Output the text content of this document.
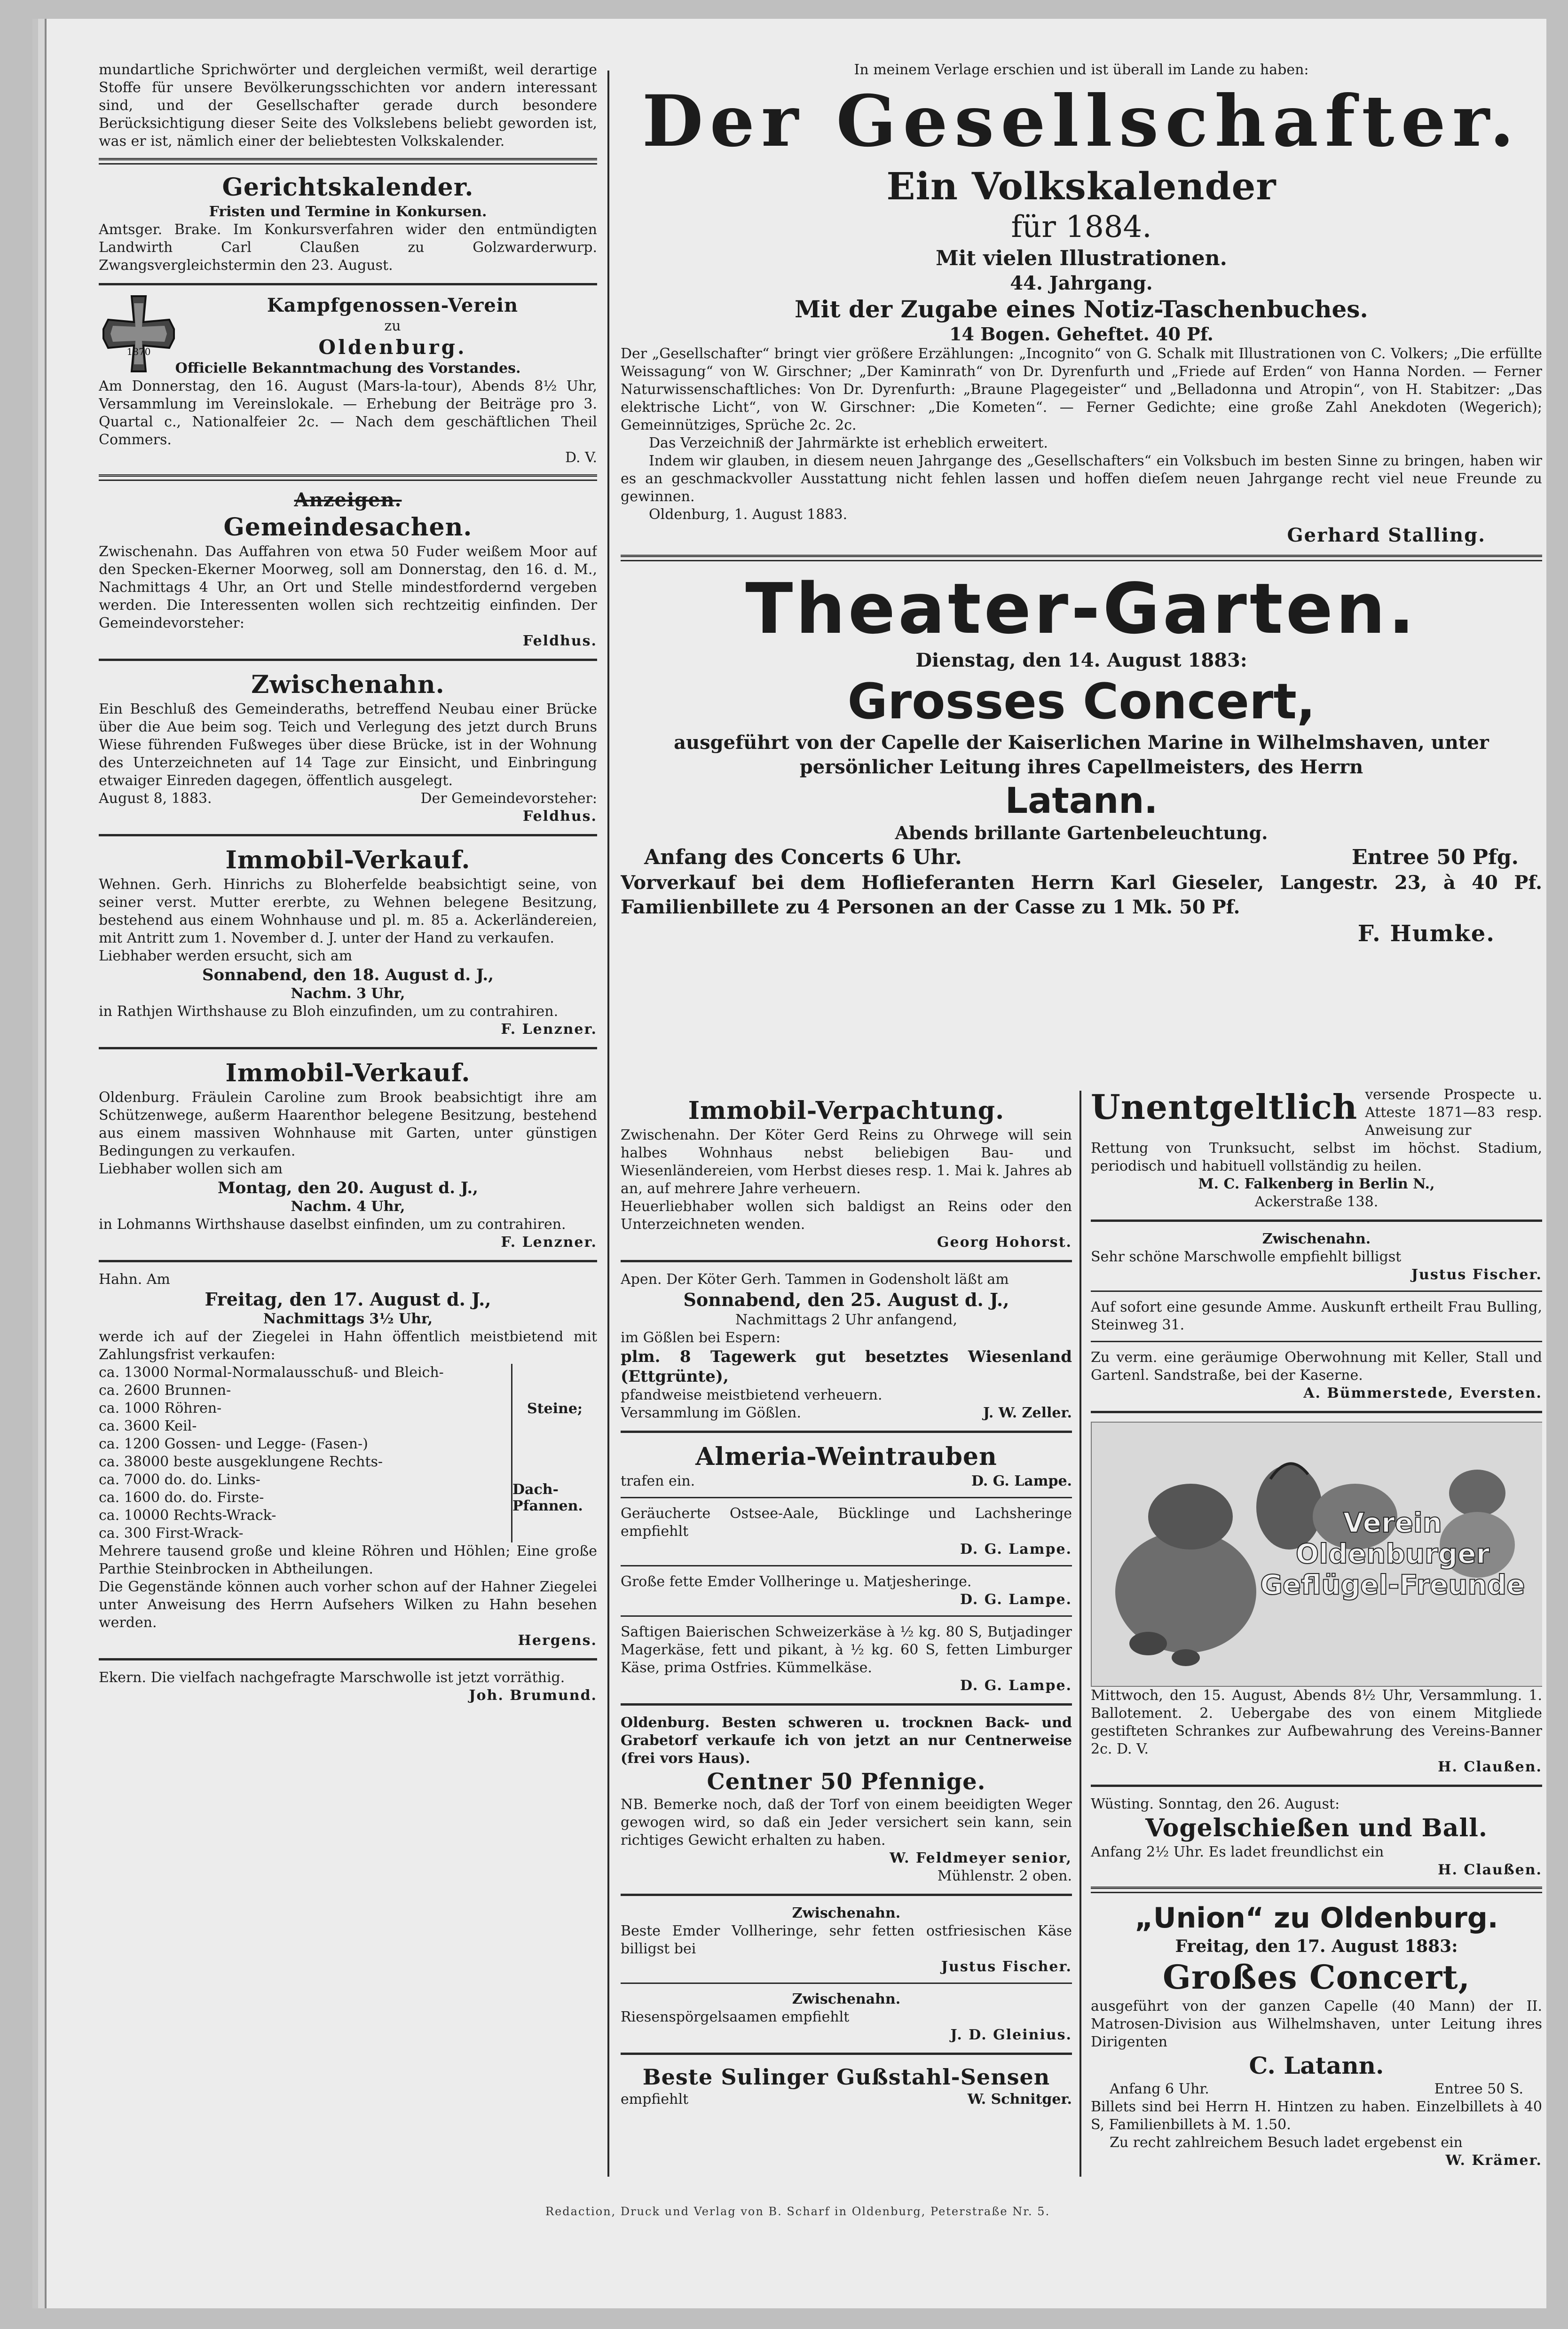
mundartliche Sprichwörter und dergleichen vermißt, weil derartige Stoffe für unsere Bevölkerungsschichten vor andern interessant sind, und der Gesellschafter gerade durch besondere Berücksichtigung dieser Seite des Volkslebens beliebt geworden ist, was er ist, nämlich einer der beliebtesten Volkskalender.

Gerichtskalender.

Fristen und Termine in Konkursen.

Amtsger. Brake. Im Konkursverfahren wider den entmündigten Landwirth Carl Claußen zu Golzwarderwurp. Zwangsvergleichstermin den 23. August.

1870

Kampfgenossen-Verein

zu

Oldenburg.

Officielle Bekanntmachung des Vorstandes.

Am Donnerstag, den 16. August (Mars-la-tour), Abends 8½ Uhr, Versammlung im Vereinslokale. — Erhebung der Beiträge pro 3. Quartal c., Nationalfeier 2c. — Nach dem geschäftlichen Theil Commers.

D. V.

Anzeigen.

Gemeindesachen.

Zwischenahn. Das Auffahren von etwa 50 Fuder weißem Moor auf den Specken-Ekerner Moorweg, soll am Donnerstag, den 16. d. M., Nachmittags 4 Uhr, an Ort und Stelle mindestfordernd vergeben werden. Die Interessenten wollen sich rechtzeitig einfinden. Der Gemeindevorsteher:

Feldhus.

Zwischenahn.

Ein Beschluß des Gemeinderaths, betreffend Neubau einer Brücke über die Aue beim sog. Teich und Verlegung des jetzt durch Bruns Wiese führenden Fußweges über diese Brücke, ist in der Wohnung des Unterzeichneten auf 14 Tage zur Einsicht, und Einbringung etwaiger Einreden dagegen, öffentlich ausgelegt.

August 8, 1883.	Der Gemeindevorsteher:

Feldhus.

Immobil-Verkauf.

Wehnen. Gerh. Hinrichs zu Bloherfelde beabsichtigt seine, von seiner verst. Mutter ererbte, zu Wehnen belegene Besitzung, bestehend aus einem Wohnhause und pl. m. 85 a. Ackerländereien, mit Antritt zum 1. November d. J. unter der Hand zu verkaufen.

Liebhaber werden ersucht, sich am

Sonnabend, den 18. August d. J.,

Nachm. 3 Uhr,

in Rathjen Wirthshause zu Bloh einzufinden, um zu contrahiren.

F. Lenzner.

Immobil-Verkauf.

Oldenburg. Fräulein Caroline zum Brook beabsichtigt ihre am Schützenwege, außerm Haarenthor belegene Besitzung, bestehend aus einem massiven Wohnhause mit Garten, unter günstigen Bedingungen zu verkaufen.

Liebhaber wollen sich am

Montag, den 20. August d. J.,

Nachm. 4 Uhr,

in Lohmanns Wirthshause daselbst einfinden, um zu contrahiren.

F. Lenzner.

Hahn. Am

Freitag, den 17. August d. J.,

Nachmittags 3½ Uhr,

werde ich auf der Ziegelei in Hahn öffentlich meistbietend mit Zahlungsfrist verkaufen:

ca. 13000 Normal-Normalausschuß- und Bleich-

ca. 2600 Brunnen-

ca. 1000 Röhren-

ca. 3600 Keil-

ca. 1200 Gossen- und Legge- (Fasen-)

Steine;

ca. 38000 beste ausgeklungene Rechts-

ca. 7000 do. do. Links-

ca. 1600 do. do. Firste-

ca. 10000 Rechts-Wrack-

ca. 300 First-Wrack-

Dach-Pfannen.

Mehrere tausend große und kleine Röhren und Höhlen; Eine große Parthie Steinbrocken in Abtheilungen.

Die Gegenstände können auch vorher schon auf der Hahner Ziegelei unter Anweisung des Herrn Aufsehers Wilken zu Hahn besehen werden.

Hergens.

Ekern. Die vielfach nachgefragte Marschwolle ist jetzt vorräthig.

Joh. Brumund.

In meinem Verlage erschien und ist überall im Lande zu haben:

Der Gesellschafter.

Ein Volkskalender

für 1884.

Mit vielen Illustrationen.

44. Jahrgang.

Mit der Zugabe eines Notiz-Taschenbuches.

14 Bogen. Geheftet. 40 Pf.

Der „Gesellschafter“ bringt vier größere Erzählungen: „Incognito“ von G. Schalk mit Illustrationen von C. Volkers; „Die erfüllte Weissagung“ von W. Girschner; „Der Kaminrath“ von Dr. Dyrenfurth und „Friede auf Erden“ von Hanna Norden. — Ferner Naturwissenschaftliches: Von Dr. Dyrenfurth: „Braune Plagegeister“ und „Belladonna und Atropin“, von H. Stabitzer: „Das elektrische Licht“, von W. Girschner: „Die Kometen“. — Ferner Gedichte; eine große Zahl Anekdoten (Wegerich); Gemeinnütziges, Sprüche 2c. 2c.

Das Verzeichniß der Jahrmärkte ist erheblich erweitert.

Indem wir glauben, in diesem neuen Jahrgange des „Gesellschafters“ ein Volksbuch im besten Sinne zu bringen, haben wir es an geschmackvoller Ausstattung nicht fehlen lassen und hoffen dieſem neuen Jahrgange recht viel neue Freunde zu gewinnen.

Oldenburg, 1. August 1883.

Gerhard Stalling.

Theater-Garten.

Dienstag, den 14. August 1883:

Grosses Concert,

ausgeführt von der Capelle der Kaiserlichen Marine in Wilhelmshaven, unter persönlicher Leitung ihres Capellmeisters, des Herrn

Latann.

Abends brillante Gartenbeleuchtung.

Anfang des Concerts 6 Uhr.	Entree 50 Pfg.

Vorverkauf bei dem Hoflieferanten Herrn Karl Gieseler, Langestr. 23, à 40 Pf. Familienbillete zu 4 Personen an der Casse zu 1 Mk. 50 Pf.

F. Humke.

Immobil-Verpachtung.

Zwischenahn. Der Köter Gerd Reins zu Ohrwege will sein halbes Wohnhaus nebst beliebigen Bau- und Wiesenländereien, vom Herbst dieses resp. 1. Mai k. Jahres ab an, auf mehrere Jahre verheuern.

Heuerliebhaber wollen sich baldigst an Reins oder den Unterzeichneten wenden.

Georg Hohorst.

Apen. Der Köter Gerh. Tammen in Godensholt läßt am

Sonnabend, den 25. August d. J.,

Nachmittags 2 Uhr anfangend,

im Gößlen bei Espern:

plm. 8 Tagewerk gut besetztes Wiesenland (Ettgrünte),

pfandweise meistbietend verheuern.

Versammlung im Gößlen.	J. W. Zeller.

Almeria-Weintrauben

trafen ein.	D. G. Lampe.

Geräucherte Ostsee-Aale, Bücklinge und Lachsheringe empfiehlt

D. G. Lampe.

Große fette Emder Vollheringe u. Matjesheringe.

D. G. Lampe.

Saftigen Baierischen Schweizerkäse à ½ kg. 80 S, Butjadinger Magerkäse, fett und pikant, à ½ kg. 60 S, fetten Limburger Käse, prima Ostfries. Kümmelkäse.

D. G. Lampe.

Oldenburg. Besten schweren u. trocknen Back- und Grabetorf verkaufe ich von jetzt an nur Centnerweise (frei vors Haus).

Centner 50 Pfennige.

NB. Bemerke noch, daß der Torf von einem beeidigten Weger gewogen wird, so daß ein Jeder versichert sein kann, sein richtiges Gewicht erhalten zu haben.

W. Feldmeyer senior,

Mühlenstr. 2 oben.

Zwischenahn.

Beste Emder Vollheringe, sehr fetten ostfriesischen Käse billigst bei

Justus Fischer.

Zwischenahn.

Riesenspörgelsaamen empfiehlt

J. D. Gleinius.

Beste Sulinger Gußstahl-Sensen

empfiehlt	W. Schnitger.

Unentgeltlich versende Prospecte u. Atteste 1871—83 resp. Anweisung zur

Rettung von Trunksucht, selbst im höchst. Stadium, periodisch und habituell vollständig zu heilen.

M. C. Falkenberg in Berlin N.,

Ackerstraße 138.

Zwischenahn.

Sehr schöne Marschwolle empfiehlt billigst

Justus Fischer.

Auf sofort eine gesunde Amme. Auskunft ertheilt Frau Bulling, Steinweg 31.

Zu verm. eine geräumige Oberwohnung mit Keller, Stall und Gartenl. Sandstraße, bei der Kaserne.

A. Bümmerstede, Eversten.

Verein

Oldenburger

Geflügel-Freunde

Mittwoch, den 15. August, Abends 8½ Uhr, Versammlung. 1. Ballotement. 2. Uebergabe des von einem Mitgliede gestifteten Schrankes zur Aufbewahrung des Vereins-Banner 2c. D. V.

H. Claußen.

Wüsting. Sonntag, den 26. August:

Vogelschießen und Ball.

Anfang 2½ Uhr. Es ladet freundlichst ein

H. Claußen.

„Union“ zu Oldenburg.

Freitag, den 17. August 1883:

Großes Concert,

ausgeführt von der ganzen Capelle (40 Mann) der II. Matrosen-Division aus Wilhelmshaven, unter Leitung ihres Dirigenten

C. Latann.

Anfang 6 Uhr.	Entree 50 S.

Billets sind bei Herrn H. Hintzen zu haben. Einzelbillets à 40 S, Familienbillets à M. 1.50.

Zu recht zahlreichem Besuch ladet ergebenst ein

W. Krämer.

Redaction, Druck und Verlag von B. Scharf in Oldenburg, Peterstraße Nr. 5.
